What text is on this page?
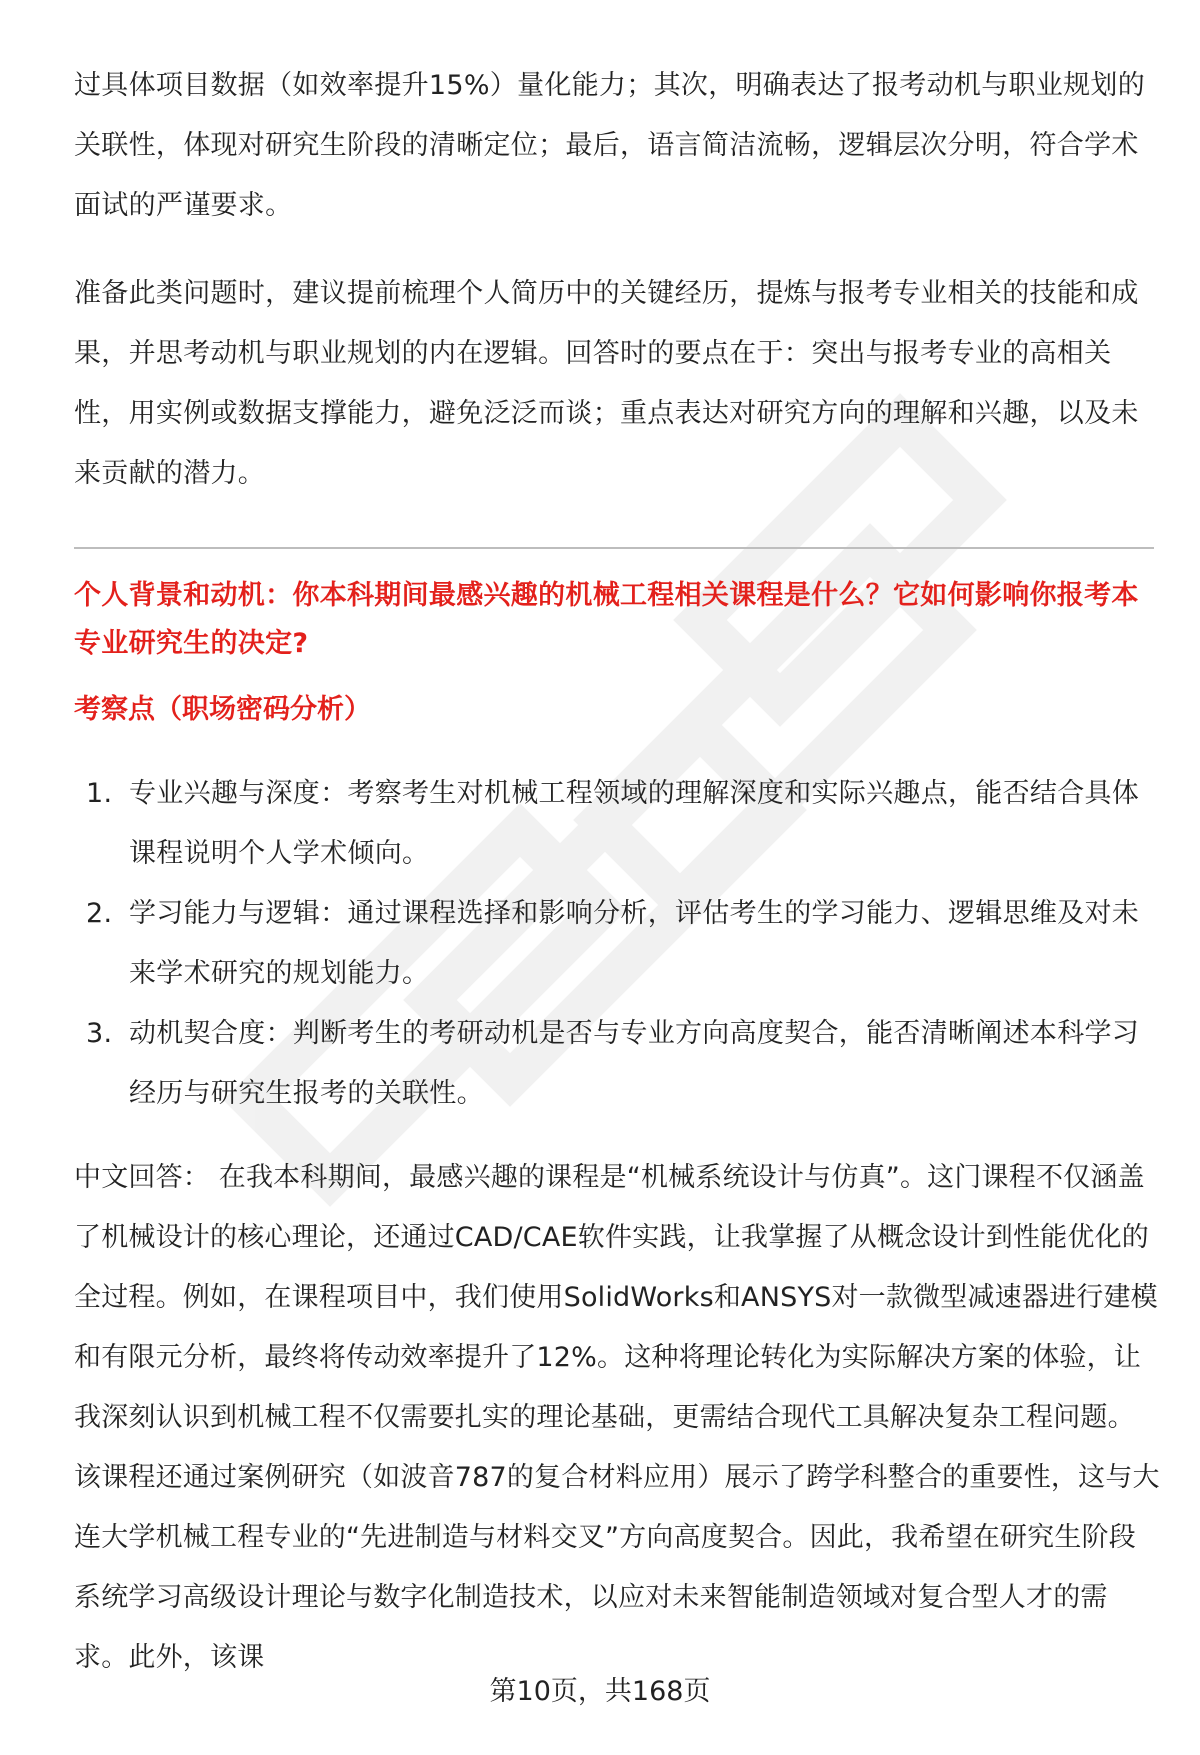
过具体项目数据（如效率提升15%）量化能力；其次，明确表达了报考动机与职业规划的关联性，体现对研究生阶段的清晰定位；最后，语言简洁流畅，逻辑层次分明，符合学术面试的严谨要求。

准备此类问题时，建议提前梳理个人简历中的关键经历，提炼与报考专业相关的技能和成果，并思考动机与职业规划的内在逻辑。回答时的要点在于：突出与报考专业的高相关性，用实例或数据支撑能力，避免泛泛而谈；重点表达对研究方向的理解和兴趣，以及未来贡献的潜力。

个人背景和动机：你本科期间最感兴趣的机械工程相关课程是什么？它如何影响你报考本专业研究生的决定?

考察点（职场密码分析）

1. 专业兴趣与深度：考察考生对机械工程领域的理解深度和实际兴趣点，能否结合具体课程说明个人学术倾向。
2. 学习能力与逻辑：通过课程选择和影响分析，评估考生的学习能力、逻辑思维及对未来学术研究的规划能力。
3. 动机契合度：判断考生的考研动机是否与专业方向高度契合，能否清晰阐述本科学习经历与研究生报考的关联性。

中文回答： 在我本科期间，最感兴趣的课程是“机械系统设计与仿真”。这门课程不仅涵盖了机械设计的核心理论，还通过CAD/CAE软件实践，让我掌握了从概念设计到性能优化的全过程。例如，在课程项目中，我们使用SolidWorks和ANSYS对一款微型减速器进行建模和有限元分析，最终将传动效率提升了12%。这种将理论转化为实际解决方案的体验，让我深刻认识到机械工程不仅需要扎实的理论基础，更需结合现代工具解决复杂工程问题。该课程还通过案例研究（如波音787的复合材料应用）展示了跨学科整合的重要性，这与大连大学机械工程专业的“先进制造与材料交叉”方向高度契合。因此，我希望在研究生阶段系统学习高级设计理论与数字化制造技术，以应对未来智能制造领域对复合型人才的需求。此外，该课

第10页，共168页
